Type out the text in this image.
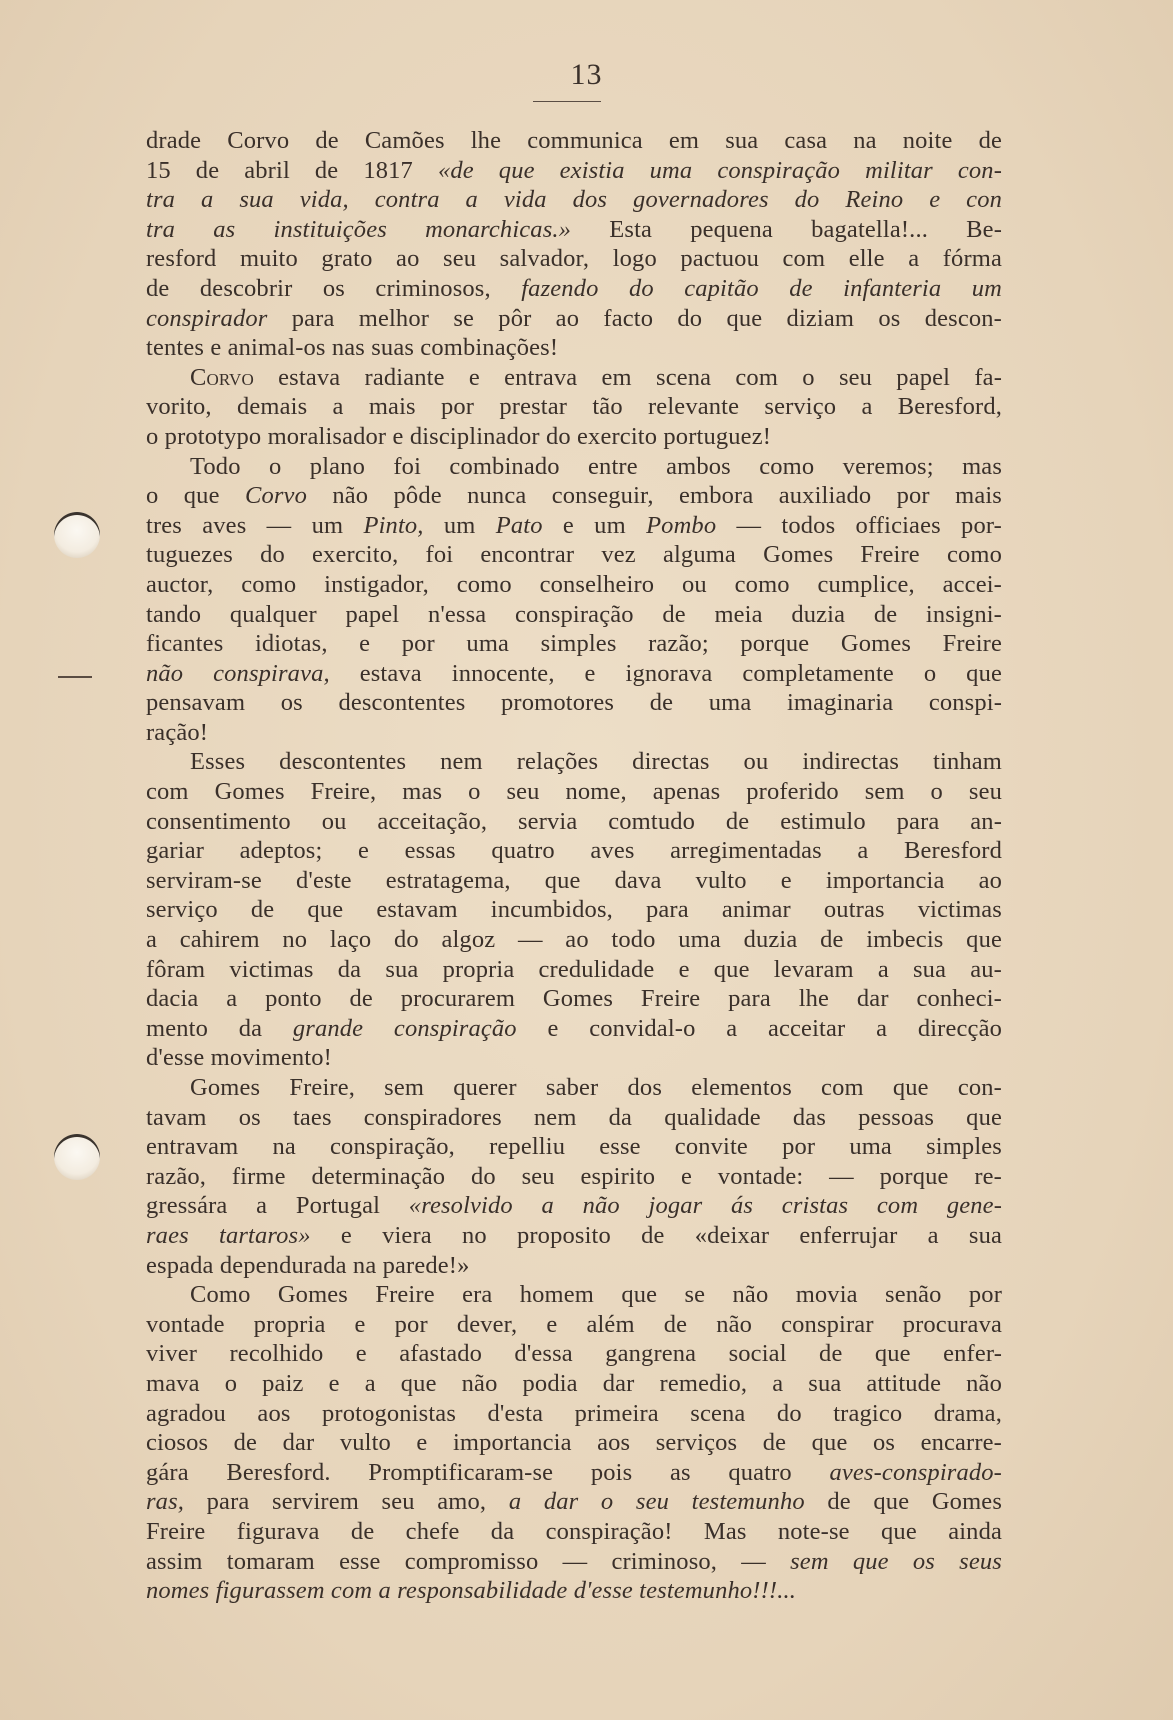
13
drade Corvo de Camões lhe communica em sua casa na noite de
15 de abril de 1817 «de que existia uma conspiração militar con-
tra a sua vida, contra a vida dos governadores do Reino e con
tra as instituições monarchicas.» Esta pequena bagatella!... Be-
resford muito grato ao seu salvador, logo pactuou com elle a fórma
de descobrir os criminosos, fazendo do capitão de infanteria um
conspirador para melhor se pôr ao facto do que diziam os descon-
tentes e animal-os nas suas combinações!
Corvo estava radiante e entrava em scena com o seu papel fa-
vorito, demais a mais por prestar tão relevante serviço a Beresford,
o prototypo moralisador e disciplinador do exercito portuguez!
Todo o plano foi combinado entre ambos como veremos; mas
o que Corvo não pôde nunca conseguir, embora auxiliado por mais
tres aves — um Pinto, um Pato e um Pombo — todos officiaes por-
tuguezes do exercito, foi encontrar vez alguma Gomes Freire como
auctor, como instigador, como conselheiro ou como cumplice, accei-
tando qualquer papel n'essa conspiração de meia duzia de insigni-
ficantes idiotas, e por uma simples razão; porque Gomes Freire
não conspirava, estava innocente, e ignorava completamente o que
pensavam os descontentes promotores de uma imaginaria conspi-
ração!
Esses descontentes nem relações directas ou indirectas tinham
com Gomes Freire, mas o seu nome, apenas proferido sem o seu
consentimento ou acceitação, servia comtudo de estimulo para an-
gariar adeptos; e essas quatro aves arregimentadas a Beresford
serviram-se d'este estratagema, que dava vulto e importancia ao
serviço de que estavam incumbidos, para animar outras victimas
a cahirem no laço do algoz — ao todo uma duzia de imbecis que
fôram victimas da sua propria credulidade e que levaram a sua au-
dacia a ponto de procurarem Gomes Freire para lhe dar conheci-
mento da grande conspiração e convidal-o a acceitar a direcção
d'esse movimento!
Gomes Freire, sem querer saber dos elementos com que con-
tavam os taes conspiradores nem da qualidade das pessoas que
entravam na conspiração, repelliu esse convite por uma simples
razão, firme determinação do seu espirito e vontade: — porque re-
gressára a Portugal «resolvido a não jogar ás cristas com gene-
raes tartaros» e viera no proposito de «deixar enferrujar a sua
espada dependurada na parede!»
Como Gomes Freire era homem que se não movia senão por
vontade propria e por dever, e além de não conspirar procurava
viver recolhido e afastado d'essa gangrena social de que enfer-
mava o paiz e a que não podia dar remedio, a sua attitude não
agradou aos protogonistas d'esta primeira scena do tragico drama,
ciosos de dar vulto e importancia aos serviços de que os encarre-
gára Beresford. Promptificaram-se pois as quatro aves-conspirado-
ras, para servirem seu amo, a dar o seu testemunho de que Gomes
Freire figurava de chefe da conspiração! Mas note-se que ainda
assim tomaram esse compromisso — criminoso, — sem que os seus
nomes figurassem com a responsabilidade d'esse testemunho!!!...
